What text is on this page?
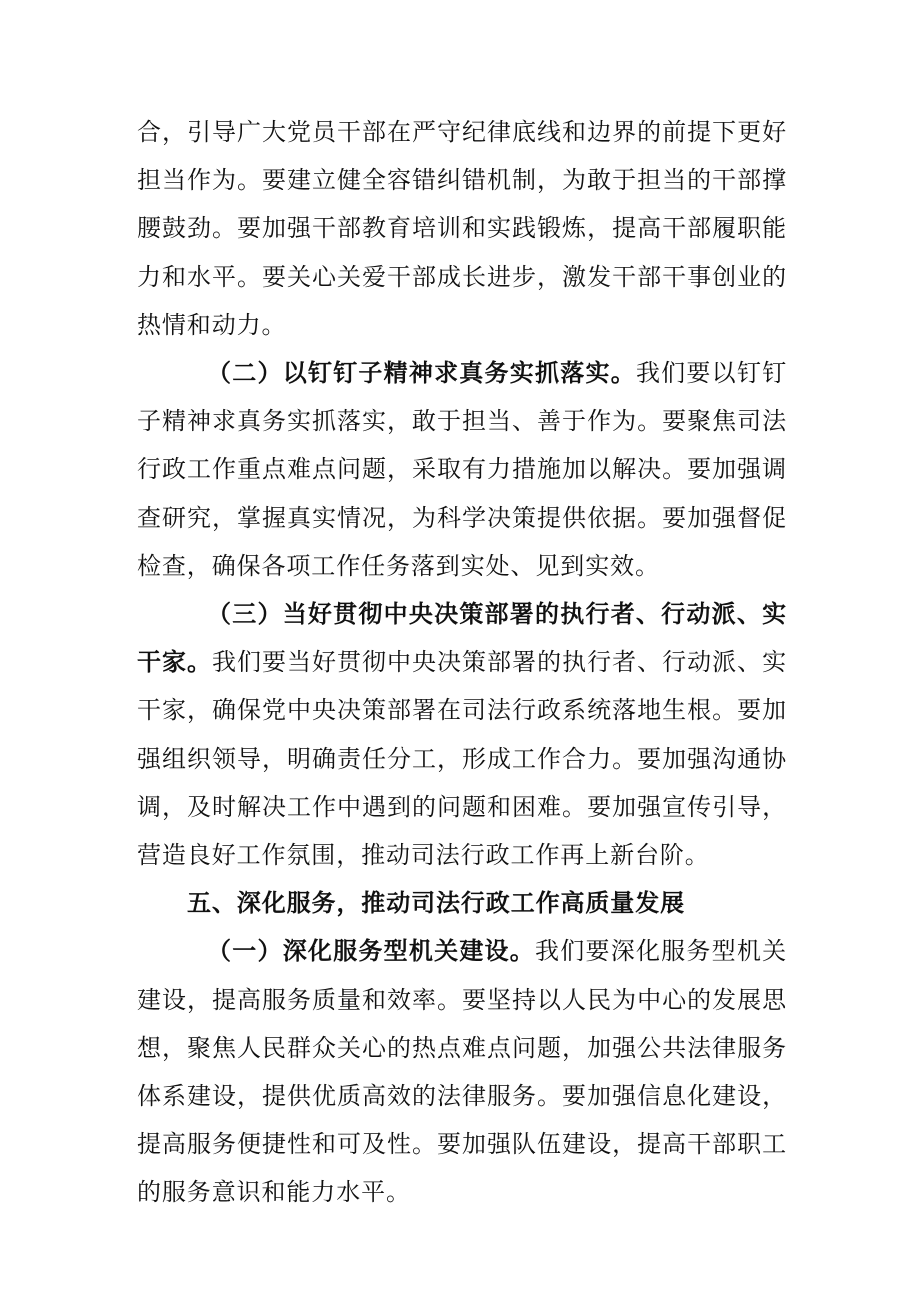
合，引导广大党员干部在严守纪律底线和边界的前提下更好担当作为。要建立健全容错纠错机制，为敢于担当的干部撑腰鼓劲。要加强干部教育培训和实践锻炼，提高干部履职能力和水平。要关心关爱干部成长进步，激发干部干事创业的热情和动力。

（二）以钉钉子精神求真务实抓落实。我们要以钉钉子精神求真务实抓落实，敢于担当、善于作为。要聚焦司法行政工作重点难点问题，采取有力措施加以解决。要加强调查研究，掌握真实情况，为科学决策提供依据。要加强督促检查，确保各项工作任务落到实处、见到实效。

（三）当好贯彻中央决策部署的执行者、行动派、实干家。我们要当好贯彻中央决策部署的执行者、行动派、实干家，确保党中央决策部署在司法行政系统落地生根。要加强组织领导，明确责任分工，形成工作合力。要加强沟通协调，及时解决工作中遇到的问题和困难。要加强宣传引导，营造良好工作氛围，推动司法行政工作再上新台阶。

五、深化服务，推动司法行政工作高质量发展

（一）深化服务型机关建设。我们要深化服务型机关建设，提高服务质量和效率。要坚持以人民为中心的发展思想，聚焦人民群众关心的热点难点问题，加强公共法律服务体系建设，提供优质高效的法律服务。要加强信息化建设，提高服务便捷性和可及性。要加强队伍建设，提高干部职工的服务意识和能力水平。
